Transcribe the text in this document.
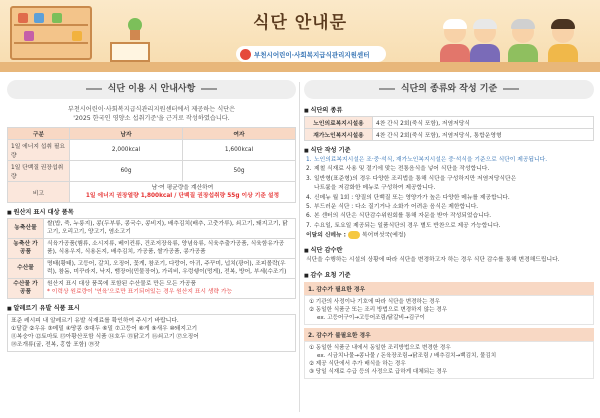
식단 안내문
부천시어린이·사회복지급식관리지원센터
식단 이용 시 안내사항
부천시어린이·사회복지급식관리지원센터에서 제공하는 식단은
'2025 한국인 영양소 섭취기준'을 근거로 작성하였습니다.
구분	남자	여자
1일 에너지 섭취 필요량	2,000kcal	1,600kcal
1일 단백질 권장섭취량	60g	50g
비고	남·여 평균량을 계산하여
1일 에너지 권장열량 1,800kcal / 단백질 권장섭취량 55g 이상 기준 설정	
■ 원산지 표시 대상 품목
농축산물	쌀(밥, 죽, 누룽지), 콩(두부류, 콩국수, 콩비지), 배추김치(배추, 고춧가루), 쇠고기, 돼지고기, 닭고기, 오리고기, 양고기, 염소고기
농축산 가공품	식육가공품(햄류, 소시지류, 베이컨류, 건조저장육류, 양념육류, 식육추출가공품, 식육함유가공품), 식용우지, 식용돈지, 배추김치, 가공품, 쌀가공품, 콩가공품
수산물	명태(황태), 고등어, 갈치, 오징어, 꽃게, 참조기, 다랑어, 아귀, 주꾸미, 넙치(광어), 조피볼락(우럭), 참돔, 미꾸라지, 낙지, 뱀장어(민물장어), 가리비, 우렁쉥이(멍게), 전복, 방어, 부세(수조기)
수산물 가공품	원산지 표시 대상 품목에 포함된 수산물로 만든 모든 가공품
* 이력상 원료량이 '연육'으로만 표기되어있는 경우 원산지 표시 생략 가능
■ 알레르기 유발 식품 표시
표준 레시피 내 알레르기 유발 식재료를 확인하여 주시기 바랍니다.
①달걀 ②우유 ③메밀 ④땅콩 ⑤대두 ⑥밀 ⑦고등어 ⑧게 ⑨새우 ⑩돼지고기
⑪복숭아 ⑫토마토 ⑬아황산포함 식품 ⑭호두 ⑮닭고기 ⑯쇠고기 ⑰오징어
⑱조개류(굴, 전복, 홍합 포함) ⑲잣
식단의 종류와 작성 기준
■ 식단의 종류
노인의료복지시설용	4찬 간식 2회(죽식 포함), 저염저당식
재가노인복지시설용	4찬 간식 2회(죽식 포함), 저염저당식, 통합운영형
■ 식단 작성 기준
1. 노인의료복지시설은 조·중·석식, 재가노인복지시설은 중·석식을 기준으로 식단이 제공됩니다.
2. 제철 식재료 사용 및 절기에 맞는 전통음식을 넣어 식단을 작성합니다.
3. 일반형(표준형)의 경우 다양한 조리법을 통해 식단을 구성하지만 저염저당식단은
나트륨을 저감화한 메뉴로 구성하여 제공합니다.
4. 신메뉴 월 1회 : 양질의 단백질 또는 영양가가 높은 다양한 메뉴를 제공합니다.
5. 부드러운 식단 : 다소 질기거나 소화가 어려운 음식은 제한합니다.
6. 본 센터의 식단은 식단감수위원회를 통해 자문을 받아 작성되었습니다.
7. 수요일, 토요일 제공되는 일품식단의 경우 별도 반찬으로 제공 가능합니다.
이달의 신메뉴 :	복어버섯국(예정)
■ 식단 감수란
식단을 수행하는 시설의 상황에 따라 식단을 변경하고자 하는 경우 식단 감수를 통해 변경해드립니다.
■ 감수 요청 기준
1. 감수가 필요한 경우
① 기관의 사정이나 기호에 따라 식단을 변경하는 경우
② 동일한 식품군 또는 조리 방법으로 변경하지 않는 경우
ex. 고등어구이→고등어조림/닭갈비→김구이
2. 감수가 불필요한 경우
① 동일한 식품군 내에서 동일한 조리방법으로 변경한 경우
ex. 시금치나물→콩나물 / 돈육장조림→닭조림 / 배추김치→백김치, 물김치
② 제공 식단에서 추가 배식을 하는 경우
③ 당일 식재료 수급 등의 사정으로 급하게 대체되는 경우
